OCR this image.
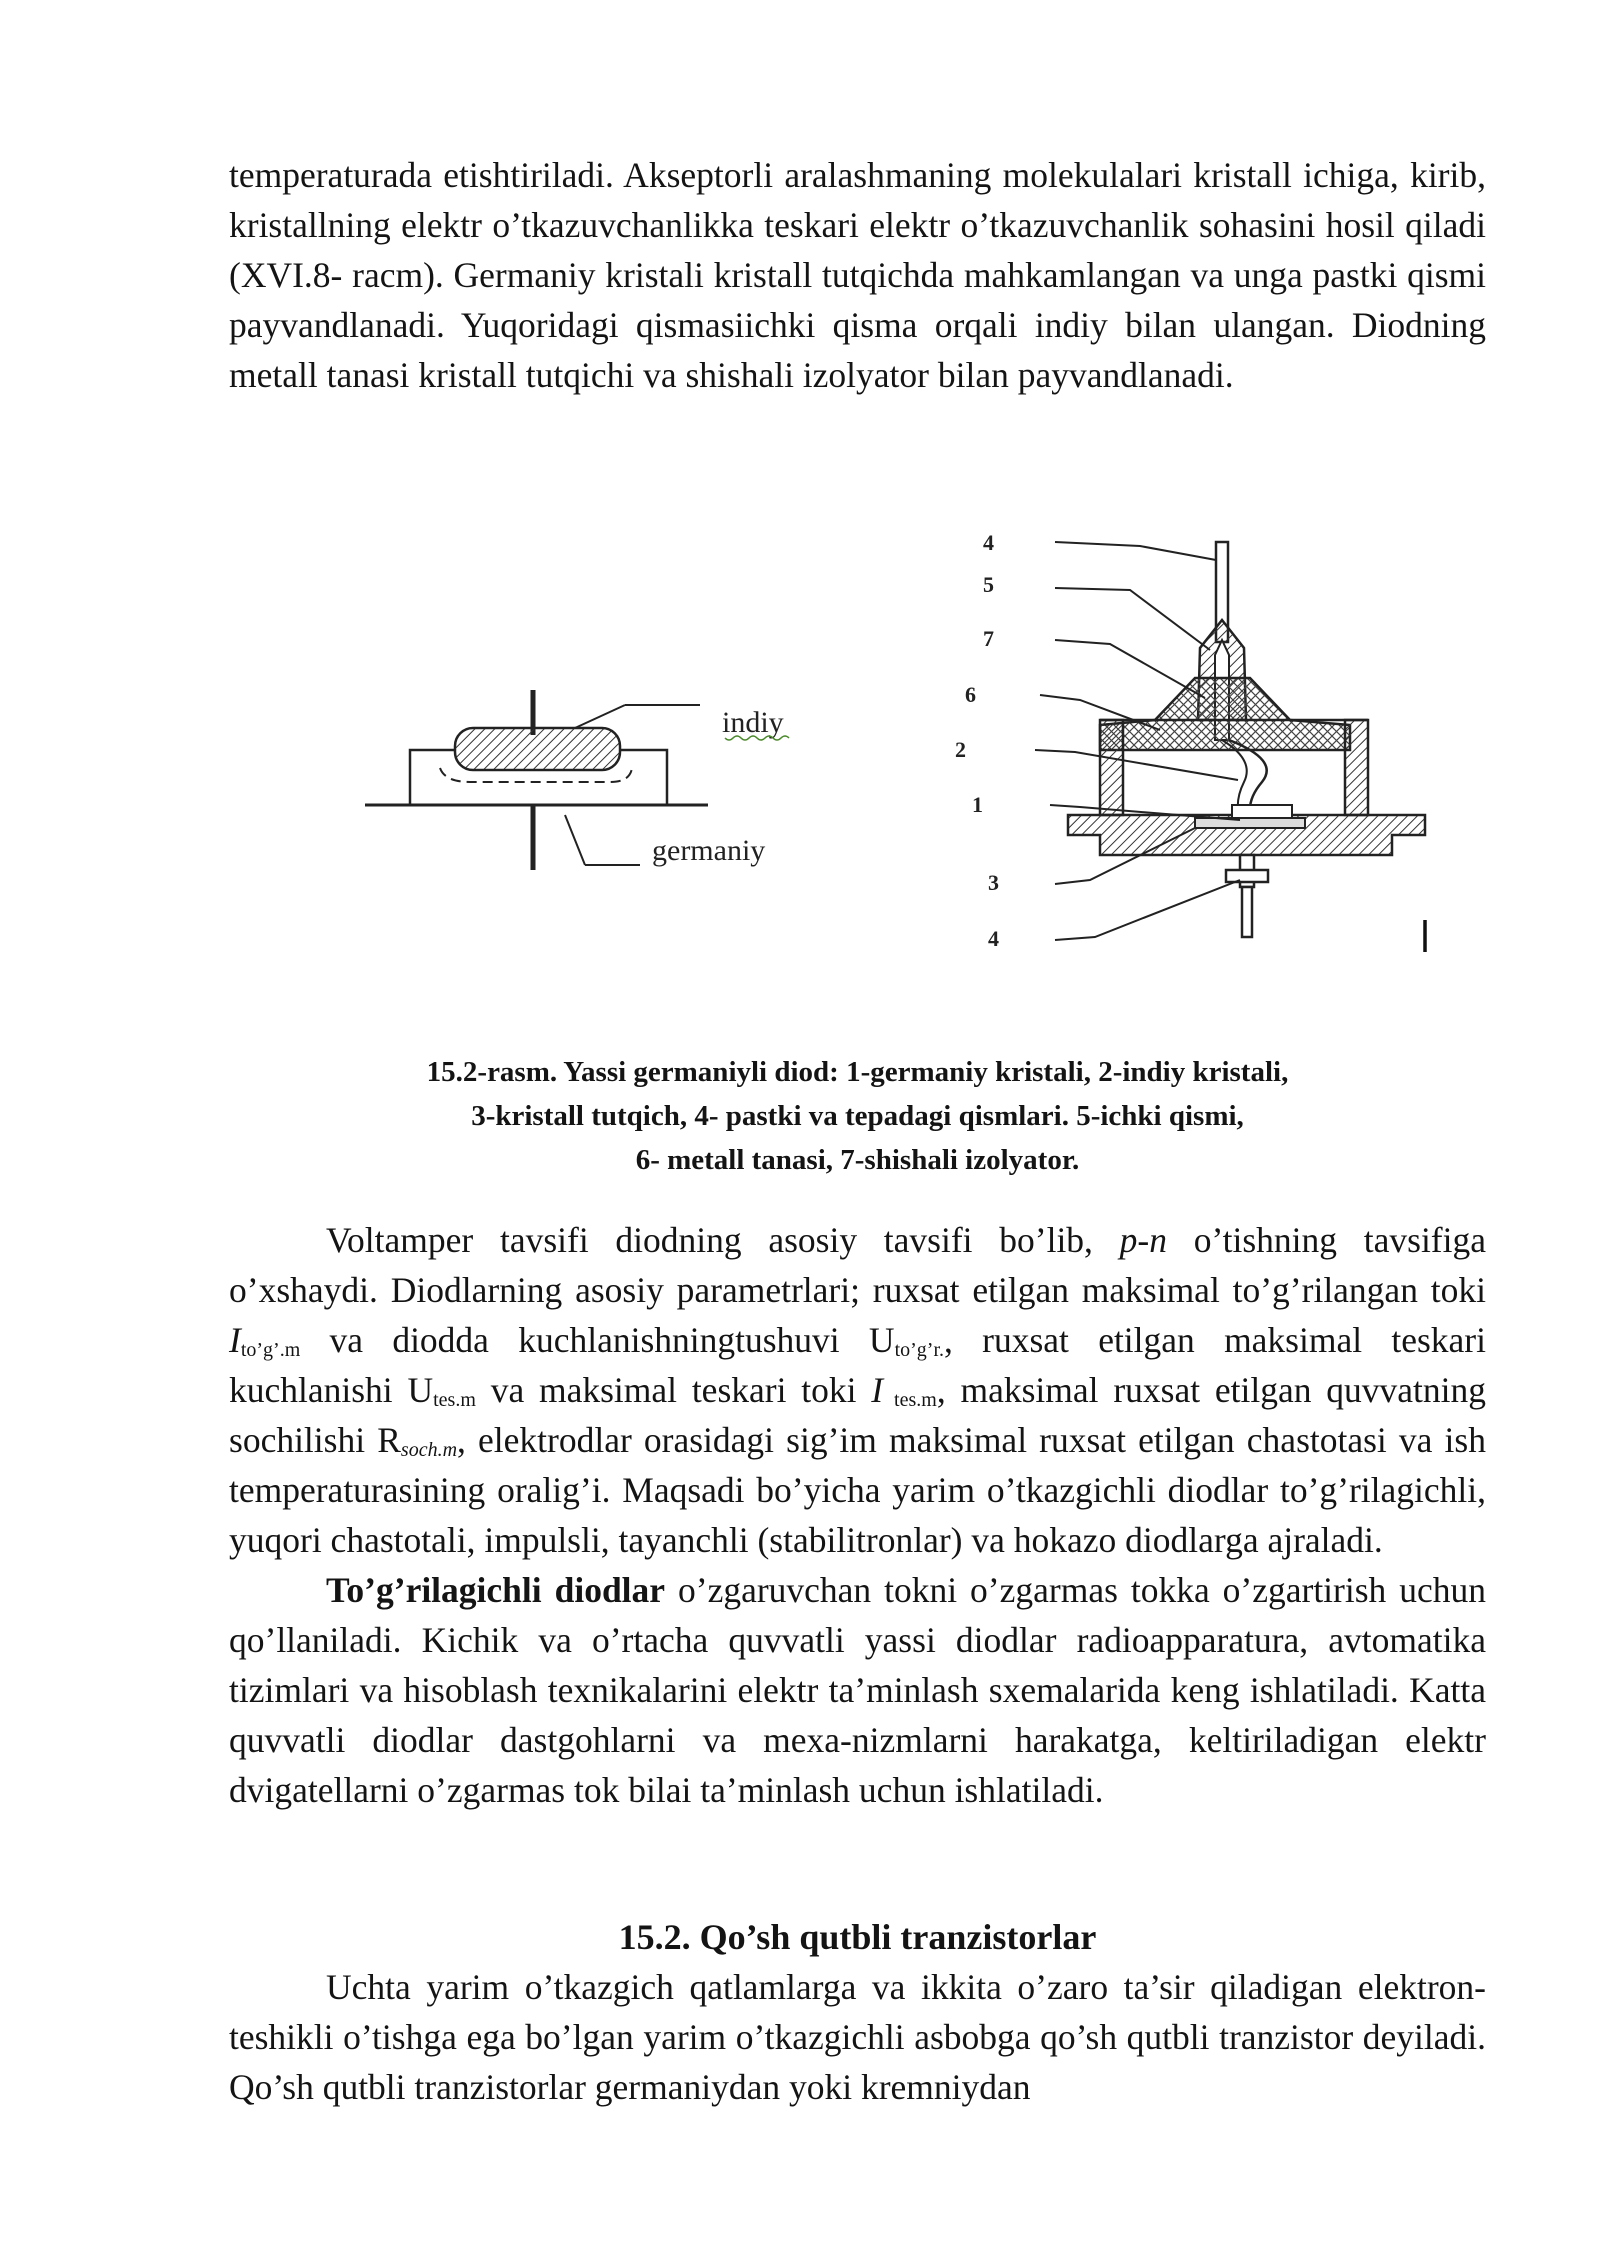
temperaturada etishtiriladi. Akseptorli aralashmaning molekulalari kristall ichiga, kirib, kristallning elektr o’tkazuvchanlikka teskari elektr o’tkazuvchanlik sohasini hosil qiladi (XVI.8- racm). Germaniy kristali kristall tutqichda mahkamlangan va unga pastki qismi payvandlanadi. Yuqoridagi qismasiichki qisma orqali indiy bilan ulangan. Diodning metall tanasi kristall tutqichi va shishali izolyator bilan payvandlanadi.

indiy
germaniy
4
5
7
6
2
1
3
4
15.2-rasm. Yassi germaniyli diod: 1-germaniy kristali, 2-indiy kristali,
3-kristall tutqich, 4- pastki va tepadagi qismlari. 5-ichki qismi,
6- metall tanasi, 7-shishali izolyator.

Voltamper tavsifi diodning asosiy tavsifi bo’lib, p-n o’tishning tavsifiga o’xshaydi. Diodlarning asosiy parametrlari; ruxsat etilgan maksimal to’g’rilangan toki $I_{to’g’.m}$ va diodda kuchlanishningtushuvi $U_{to’g’r.}$, ruxsat etilgan maksimal teskari kuchlanishi $U_{tes.m}$ va maksimal teskari toki I $_{tes.m}$, maksimal ruxsat etilgan quvvatning sochilishi $R_{soch.m}$, elektrodlar orasidagi sig’im maksimal ruxsat etilgan chastotasi va ish temperaturasining oralig’i. Maqsadi bo’yicha yarim o’tkazgichli diodlar to’g’rilagichli, yuqori chastotali, impulsli, tayanchli (stabilitronlar) va hokazo diodlarga ajraladi.

To’g’rilagichli diodlar o’zgaruvchan tokni o’zgarmas tokka o’zgartirish uchun qo’llaniladi. Kichik va o’rtacha quvvatli yassi diodlar radioapparatura, avtomatika tizimlari va hisoblash texnikalarini elektr ta’minlash sxemalarida keng ishlatiladi. Katta quvvatli diodlar dastgohlarni va mexa-nizmlarni harakatga, keltiriladigan elektr dvigatellarni o’zgarmas tok bilai ta’minlash uchun ishlatiladi.

15.2. Qo’sh qutbli tranzistorlar

Uchta yarim o’tkazgich qatlamlarga va ikkita o’zaro ta’sir qiladigan elektron-teshikli o’tishga ega bo’lgan yarim o’tkazgichli asbobga qo’sh qutbli tranzistor deyiladi. Qo’sh qutbli tranzistorlar germaniydan yoki kremniydan
